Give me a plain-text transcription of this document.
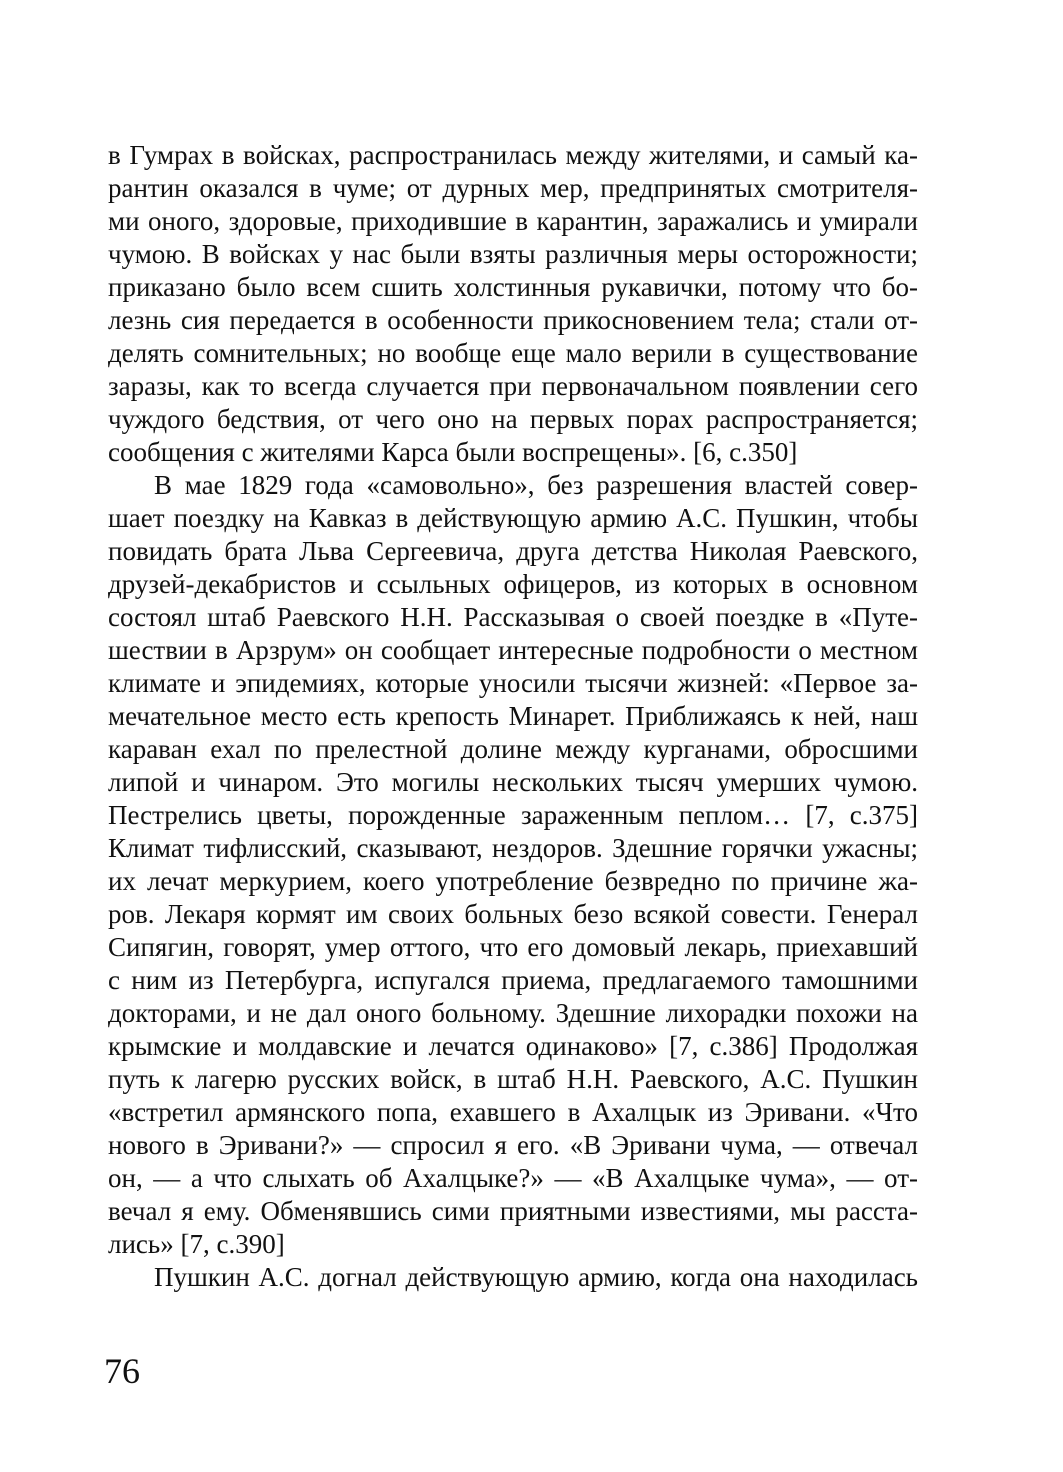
в Гумрах в войсках, распространилась между жителями, и самый ка-
рантин оказался в чуме; от дурных мер, предпринятых смотрителя-
ми оного, здоровые, приходившие в карантин, заражались и умирали
чумою. В войсках у нас были взяты различныя меры осторожности;
приказано было всем сшить холстинныя рукавички, потому что бо-
лезнь сия передается в особенности прикосновением тела; стали от-
делять сомнительных; но вообще еще мало верили в существование
заразы, как то всегда случается при первоначальном появлении сего
чуждого бедствия, от чего оно на первых порах распространяется;
сообщения с жителями Карса были воспрещены». [6, с.350]
В мае 1829 года «самовольно», без разрешения властей совер-
шает поездку на Кавказ в действующую армию А.С. Пушкин, чтобы
повидать брата Льва Сергеевича, друга детства Николая Раевского,
друзей-декабристов и ссыльных офицеров, из которых в основном
состоял штаб Раевского Н.Н. Рассказывая о своей поездке в «Путе-
шествии в Арзрум» он сообщает интересные подробности о местном
климате и эпидемиях, которые уносили тысячи жизней: «Первое за-
мечательное место есть крепость Минарет. Приближаясь к ней, наш
караван ехал по прелестной долине между курганами, обросшими
липой и чинаром. Это могилы нескольких тысяч умерших чумою.
Пестрелись цветы, порожденные зараженным пеплом… [7, с.375]
Климат тифлисский, сказывают, нездоров. Здешние горячки ужасны;
их лечат меркурием, коего употребление безвредно по причине жа-
ров. Лекаря кормят им своих больных безо всякой совести. Генерал
Сипягин, говорят, умер оттого, что его домовый лекарь, приехавший
с ним из Петербурга, испугался приема, предлагаемого тамошними
докторами, и не дал оного больному. Здешние лихорадки похожи на
крымские и молдавские и лечатся одинаково» [7, с.386] Продолжая
путь к лагерю русских войск, в штаб Н.Н. Раевского, А.С. Пушкин
«встретил армянского попа, ехавшего в Ахалцык из Эривани. «Что
нового в Эривани?» — спросил я его. «В Эривани чума, — отвечал
он, — а что слыхать об Ахалцыке?» — «В Ахалцыке чума», — от-
вечал я ему. Обменявшись сими приятными известиями, мы расста-
лись» [7, с.390]
Пушкин А.С. догнал действующую армию, когда она находилась
76
